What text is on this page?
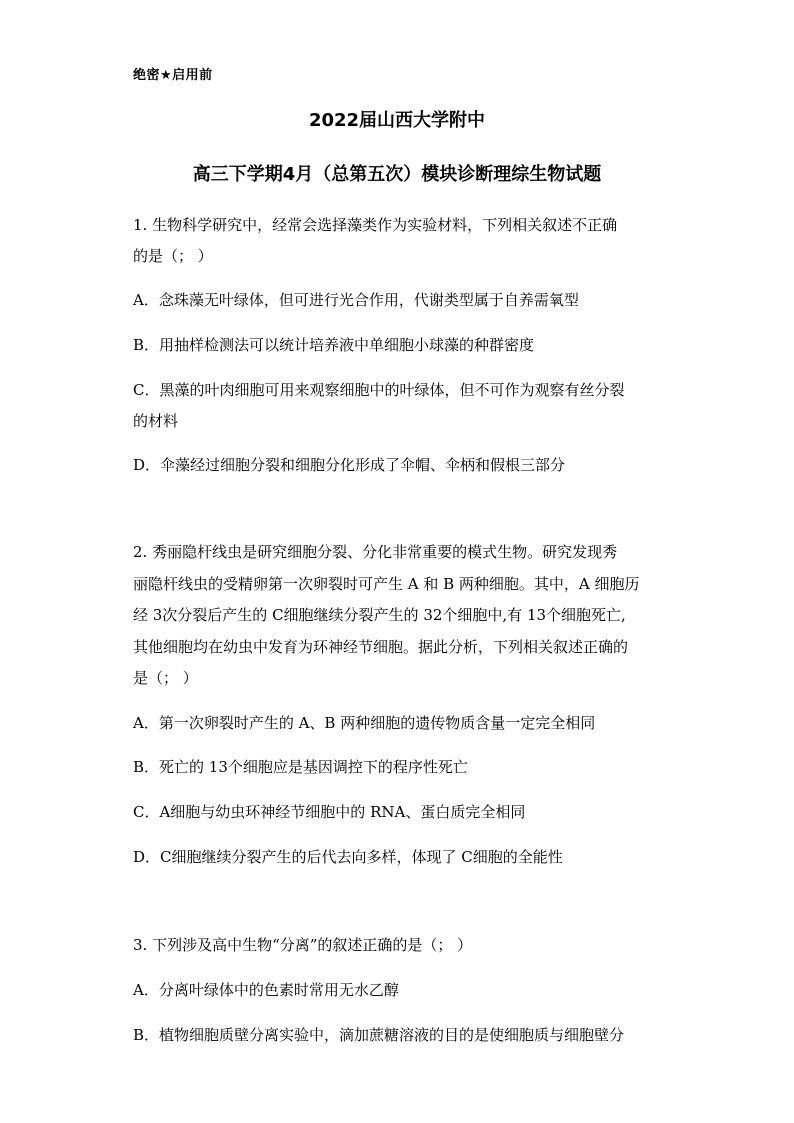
绝密★启用前
2022届山西大学附中
高三下学期4月（总第五次）模块诊断理综生物试题
1. 生物科学研究中，经常会选择藻类作为实验材料，下列相关叙述不正确
的是（； ）
A．念珠藻无叶绿体，但可进行光合作用，代谢类型属于自养需氧型
B．用抽样检测法可以统计培养液中单细胞小球藻的种群密度
C．黑藻的叶肉细胞可用来观察细胞中的叶绿体，但不可作为观察有丝分裂
的材料
D．伞藻经过细胞分裂和细胞分化形成了伞帽、伞柄和假根三部分
2. 秀丽隐杆线虫是研究细胞分裂、分化非常重要的模式生物。研究发现秀
丽隐杆线虫的受精卵第一次卵裂时可产生 A 和 B 两种细胞。其中，A 细胞历
经 3次分裂后产生的 C细胞继续分裂产生的 32个细胞中,有 13个细胞死亡,
其他细胞均在幼虫中发育为环神经节细胞。据此分析，下列相关叙述正确的
是（； ）
A．第一次卵裂时产生的 A、B 两种细胞的遗传物质含量一定完全相同
B．死亡的 13个细胞应是基因调控下的程序性死亡
C．A细胞与幼虫环神经节细胞中的 RNA、蛋白质完全相同
D．C细胞继续分裂产生的后代去向多样，体现了 C细胞的全能性
3. 下列涉及高中生物“分离”的叙述正确的是（； ）
A．分离叶绿体中的色素时常用无水乙醇
B．植物细胞质壁分离实验中，滴加蔗糖溶液的目的是使细胞质与细胞壁分
